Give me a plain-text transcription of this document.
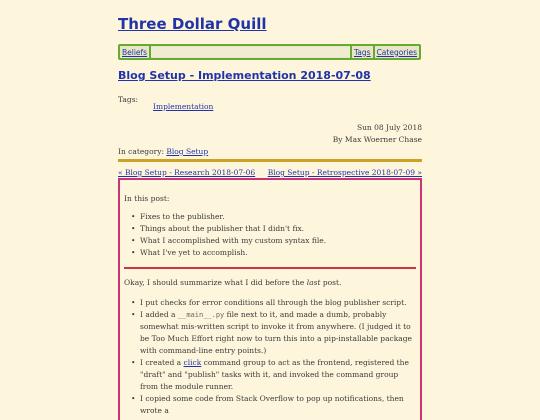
Three Dollar Quill
Beliefs	Tags Categories
Blog Setup - Implementation 2018-07-08
Tags:
Implementation
Sun 08 July 2018
By Max Woerner Chase
In category: Blog Setup
« Blog Setup - Research 2018-07-06 Blog Setup - Retrospective 2018-07-09 »

In this post:

• Fixes to the publisher.
• Things about the publisher that I didn't fix.
• What I accomplished with my custom syntax file.
• What I've yet to accomplish.

Okay, I should summarize what I did before the last post.

• I put checks for error conditions all through the blog publisher script.
• I added a __main__.py file next to it, and made a dumb, probably somewhat mis-written script to invoke it from anywhere. (I judged it to be Too Much Effort right now to turn this into a pip-installable package with command-line entry points.)
• I created a click command group to act as the frontend, registered the "draft" and "publish" tasks with it, and invoked the command group from the module runner.
• I copied some code from Stack Overflow to pop up notifications, then wrote a
